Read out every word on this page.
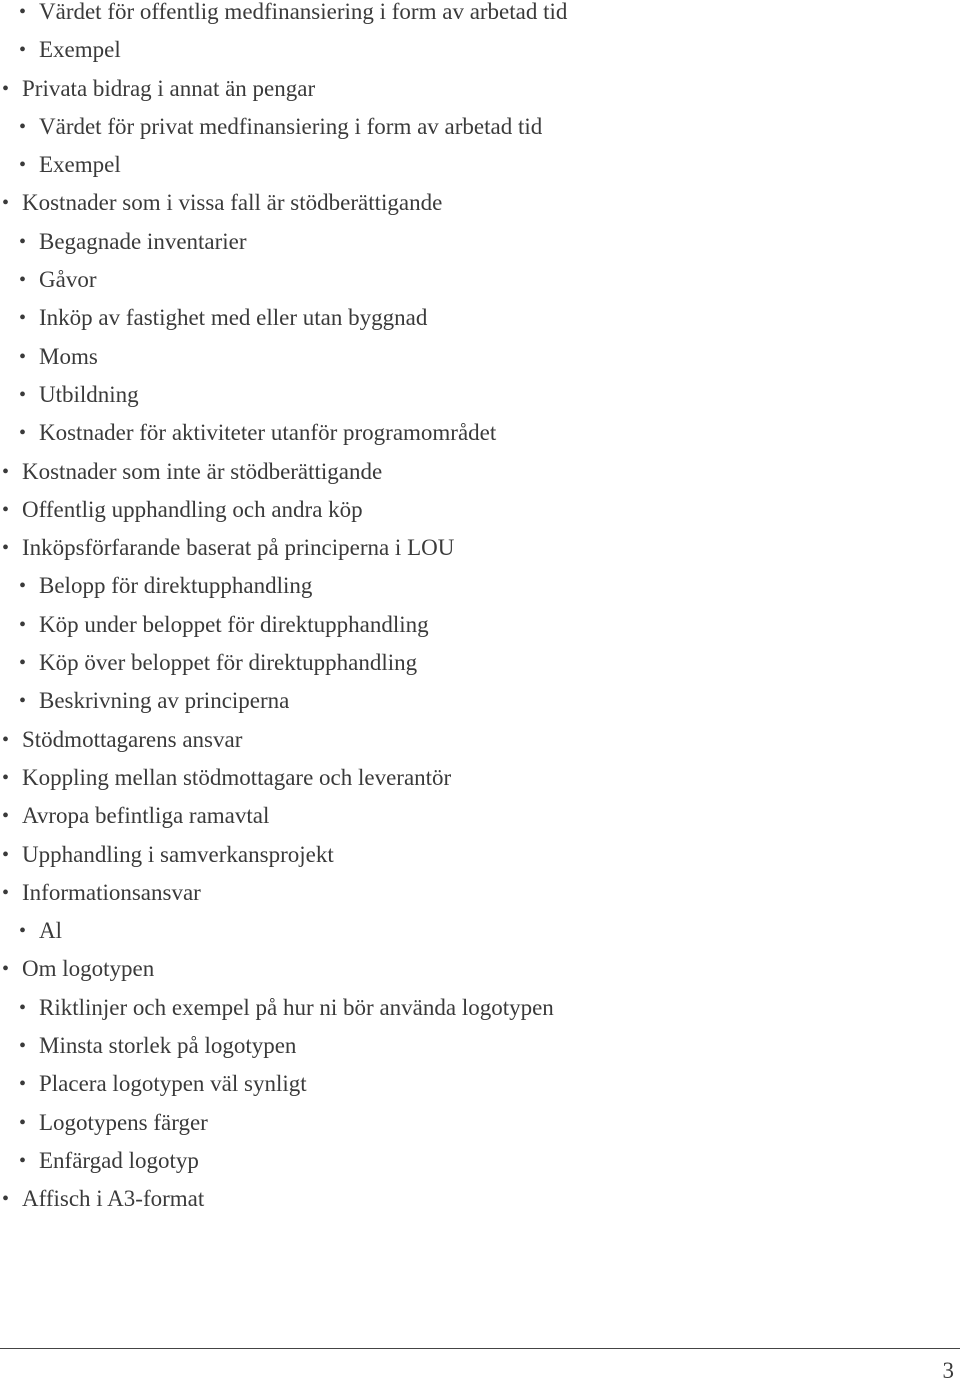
• Värdet för offentlig medfinansiering i form av arbetad tid
• Exempel
• Privata bidrag i annat än pengar
• Värdet för privat medfinansiering i form av arbetad tid
• Exempel
• Kostnader som i vissa fall är stödberättigande
• Begagnade inventarier
• Gåvor
• Inköp av fastighet med eller utan byggnad
• Moms
• Utbildning
• Kostnader för aktiviteter utanför programområdet
• Kostnader som inte är stödberättigande
• Offentlig upphandling och andra köp
• Inköpsförfarande baserat på principerna i LOU
• Belopp för direktupphandling
• Köp under beloppet för direktupphandling
• Köp över beloppet för direktupphandling
• Beskrivning av principerna
• Stödmottagarens ansvar
• Koppling mellan stödmottagare och leverantör
• Avropa befintliga ramavtal
• Upphandling i samverkansprojekt
• Informationsansvar
• Al
• Om logotypen
• Riktlinjer och exempel på hur ni bör använda logotypen
• Minsta storlek på logotypen
• Placera logotypen väl synligt
• Logotypens färger
• Enfärgad logotyp
• Affisch i A3-format
3
